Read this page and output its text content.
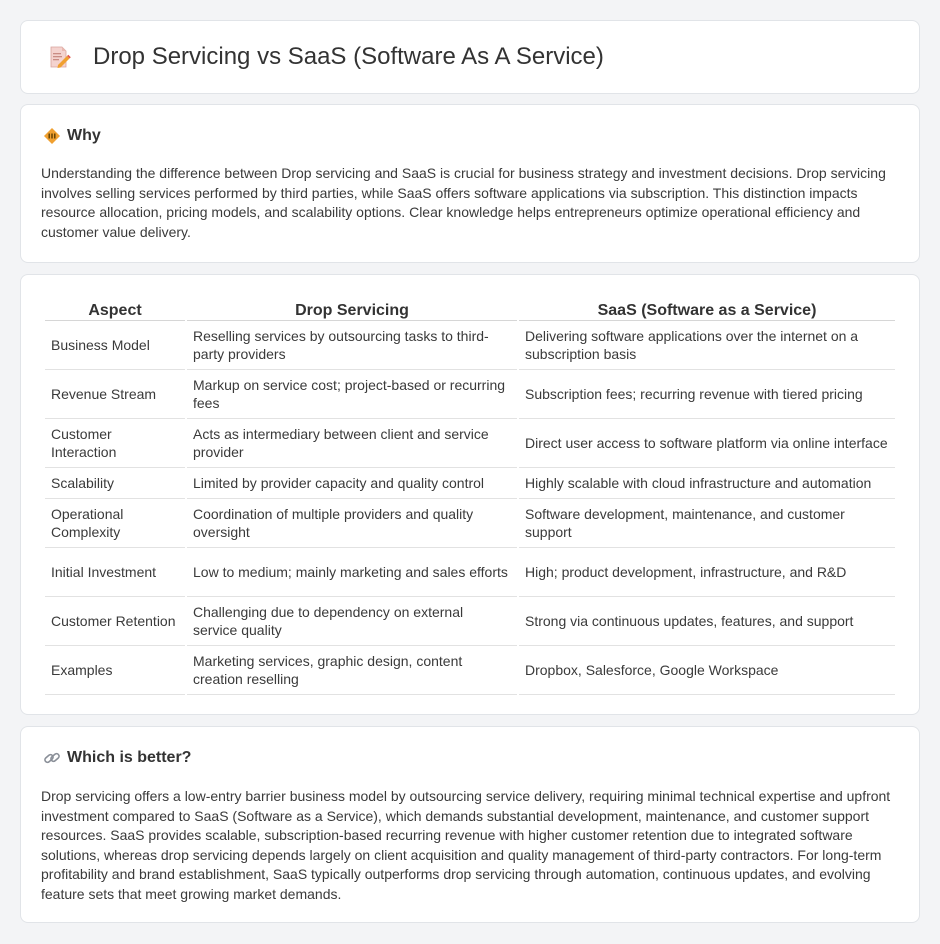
Drop Servicing vs SaaS (Software As A Service)
Why

Understanding the difference between Drop servicing and SaaS is crucial for business strategy and investment decisions. Drop servicing involves selling services performed by third parties, while SaaS offers software applications via subscription. This distinction impacts resource allocation, pricing models, and scalability options. Clear knowledge helps entrepreneurs optimize operational efficiency and customer value delivery.

Aspect	Drop Servicing	SaaS (Software as a Service)
Business Model	Reselling services by outsourcing tasks to third-party providers	Delivering software applications over the internet on a subscription basis
Revenue Stream	Markup on service cost; project-based or recurring fees	Subscription fees; recurring revenue with tiered pricing
Customer Interaction	Acts as intermediary between client and service provider	Direct user access to software platform via online interface
Scalability	Limited by provider capacity and quality control	Highly scalable with cloud infrastructure and automation
Operational Complexity	Coordination of multiple providers and quality oversight	Software development, maintenance, and customer support
Initial Investment	Low to medium; mainly marketing and sales efforts	High; product development, infrastructure, and R&D
Customer Retention	Challenging due to dependency on external service quality	Strong via continuous updates, features, and support
Examples	Marketing services, graphic design, content creation reselling	Dropbox, Salesforce, Google Workspace
Which is better?

Drop servicing offers a low-entry barrier business model by outsourcing service delivery, requiring minimal technical expertise and upfront investment compared to SaaS (Software as a Service), which demands substantial development, maintenance, and customer support resources. SaaS provides scalable, subscription-based recurring revenue with higher customer retention due to integrated software solutions, whereas drop servicing depends largely on client acquisition and quality management of third-party contractors. For long-term profitability and brand establishment, SaaS typically outperforms drop servicing through automation, continuous updates, and evolving feature sets that meet growing market demands.
